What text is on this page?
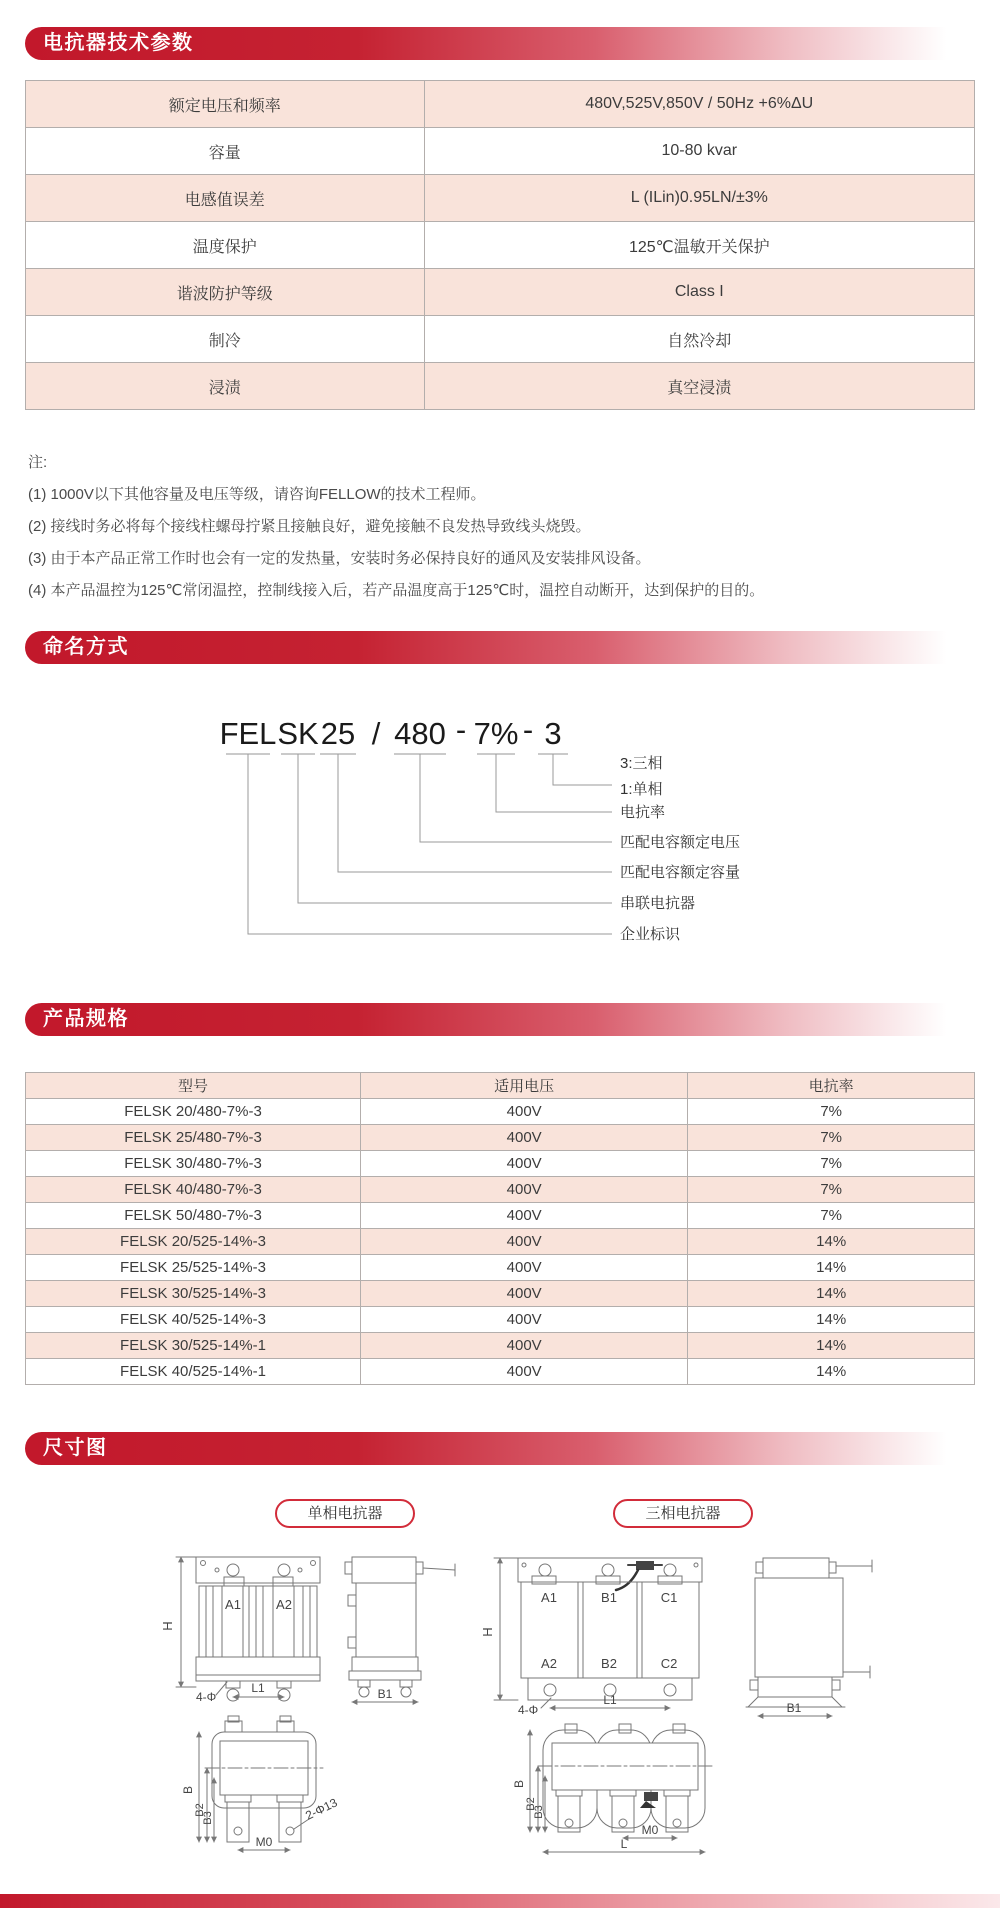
电抗器技术参数
额定电压和频率	480V,525V,850V / 50Hz +6%ΔU
容量	10-80 kvar
电感值误差	L (ILin)0.95LN/±3%
温度保护	125℃温敏开关保护
谐波防护等级	Class I
制冷	自然冷却
浸渍	真空浸渍
注:
(1) 1000V以下其他容量及电压等级，请咨询FELLOW的技术工程师。
(2) 接线时务必将每个接线柱螺母拧紧且接触良好，避免接触不良发热导致线头烧毁。
(3) 由于本产品正常工作时也会有一定的发热量，安装时务必保持良好的通风及安装排风设备。
(4) 本产品温控为125℃常闭温控，控制线接入后，若产品温度高于125℃时，温控自动断开，达到保护的目的。
命名方式
FEL SK 25 / 480 - 7% - 3
3:三相
1:单相
电抗率
匹配电容额定电压
匹配电容额定容量
串联电抗器
企业标识
产品规格
型号	适用电压	电抗率
FELSK 20/480-7%-3	400V	7%
FELSK 25/480-7%-3	400V	7%
FELSK 30/480-7%-3	400V	7%
FELSK 40/480-7%-3	400V	7%
FELSK 50/480-7%-3	400V	7%
FELSK 20/525-14%-3	400V	14%
FELSK 25/525-14%-3	400V	14%
FELSK 30/525-14%-3	400V	14%
FELSK 40/525-14%-3	400V	14%
FELSK 30/525-14%-1	400V	14%
FELSK 40/525-14%-1	400V	14%
尺寸图
单相电抗器	三相电抗器
A1	A2
H
4-Φ
L1	B1
B
B2
B3
M0
2-Φ13
A1	B1	C1
A2	B2	C2
H
4-Φ
L1
B1
B
B2
B3
M0
L
